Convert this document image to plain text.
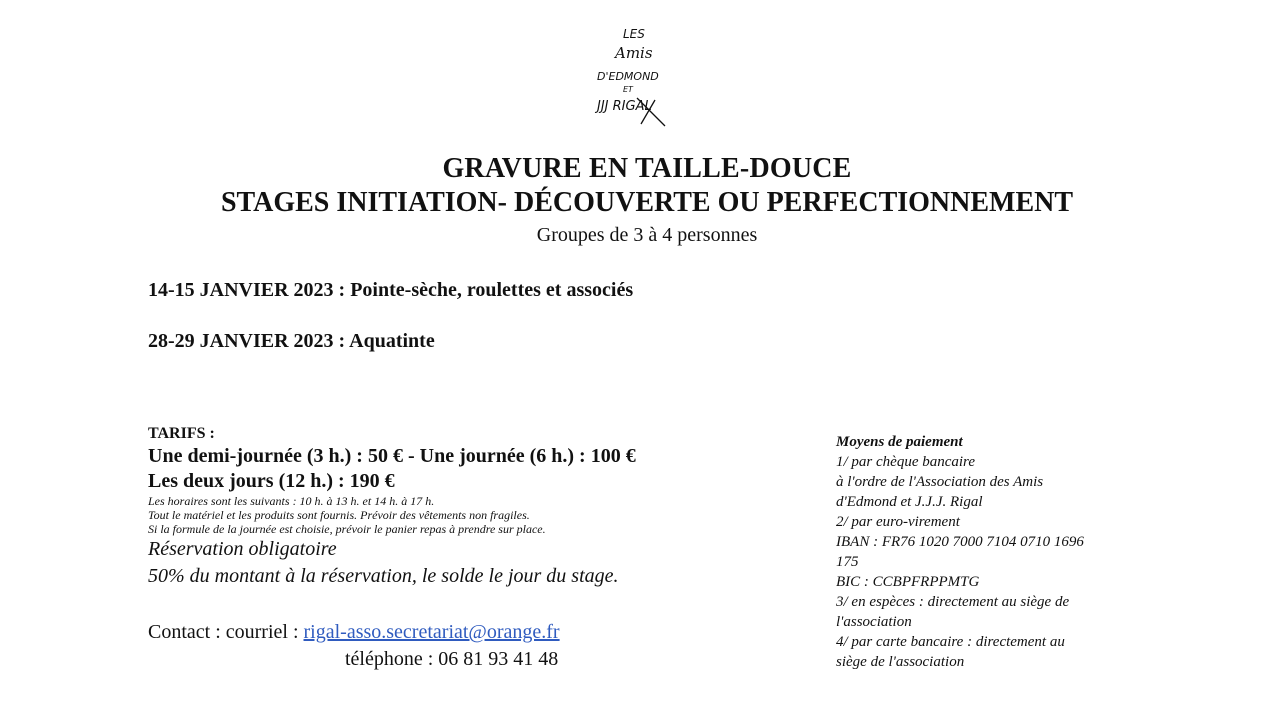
LES
Amis
D'EDMOND
ET
JJJ RIGAL
GRAVURE EN TAILLE-DOUCE
STAGES INITIATION- DÉCOUVERTE OU PERFECTIONNEMENT
Groupes de 3 à 4 personnes
14-15 JANVIER 2023 : Pointe-sèche, roulettes et associés
28-29 JANVIER 2023 : Aquatinte
TARIFS :
Une demi-journée (3 h.) : 50 € - Une journée (6 h.) : 100 €
Les deux jours (12 h.) : 190 €
Les horaires sont les suivants : 10 h. à 13 h. et 14 h. à 17 h.
Tout le matériel et les produits sont fournis. Prévoir des vêtements non fragiles.
Si la formule de la journée est choisie, prévoir le panier repas à prendre sur place.
Réservation obligatoire
50% du montant à la réservation, le solde le jour du stage.
Contact : courriel : rigal-asso.secretariat@orange.fr
téléphone : 06 81 93 41 48
Moyens de paiement
1/ par chèque bancaire
à l'ordre de l'Association des Amis
d'Edmond et J.J.J. Rigal
2/ par euro-virement
IBAN : FR76 1020 7000 7104 0710 1696
175
BIC : CCBPFRPPMTG
3/ en espèces : directement au siège de
l'association
4/ par carte bancaire : directement au
siège de l'association
